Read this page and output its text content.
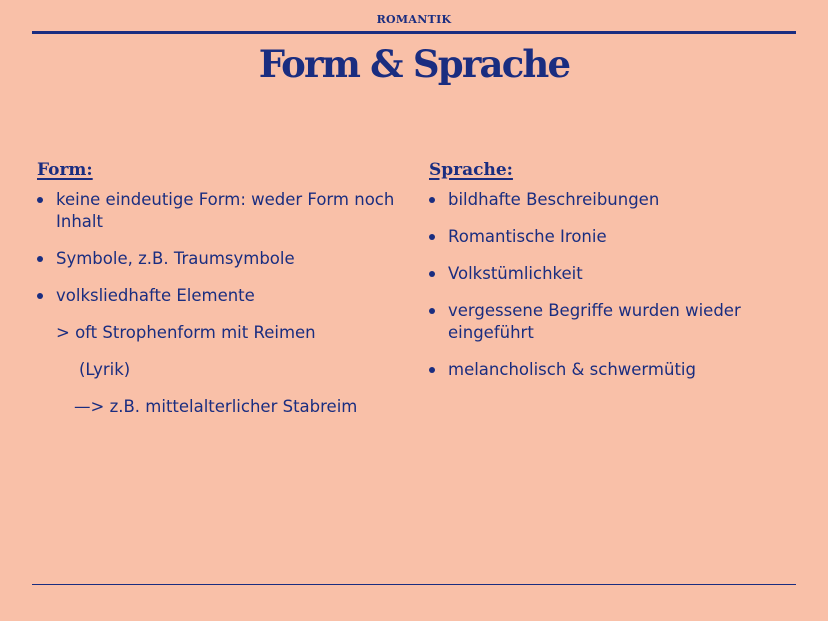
ROMANTIK
Form & Sprache
Form:
keine eindeutige Form: weder Form noch Inhalt
Symbole, z.B. Traumsymbole
volksliedhafte Elemente
> oft Strophenform mit Reimen
(Lyrik)
—> z.B. mittelalterlicher Stabreim
Sprache:
bildhafte Beschreibungen
Romantische Ironie
Volkstümlichkeit
vergessene Begriffe wurden wieder eingeführt
melancholisch & schwermütig
